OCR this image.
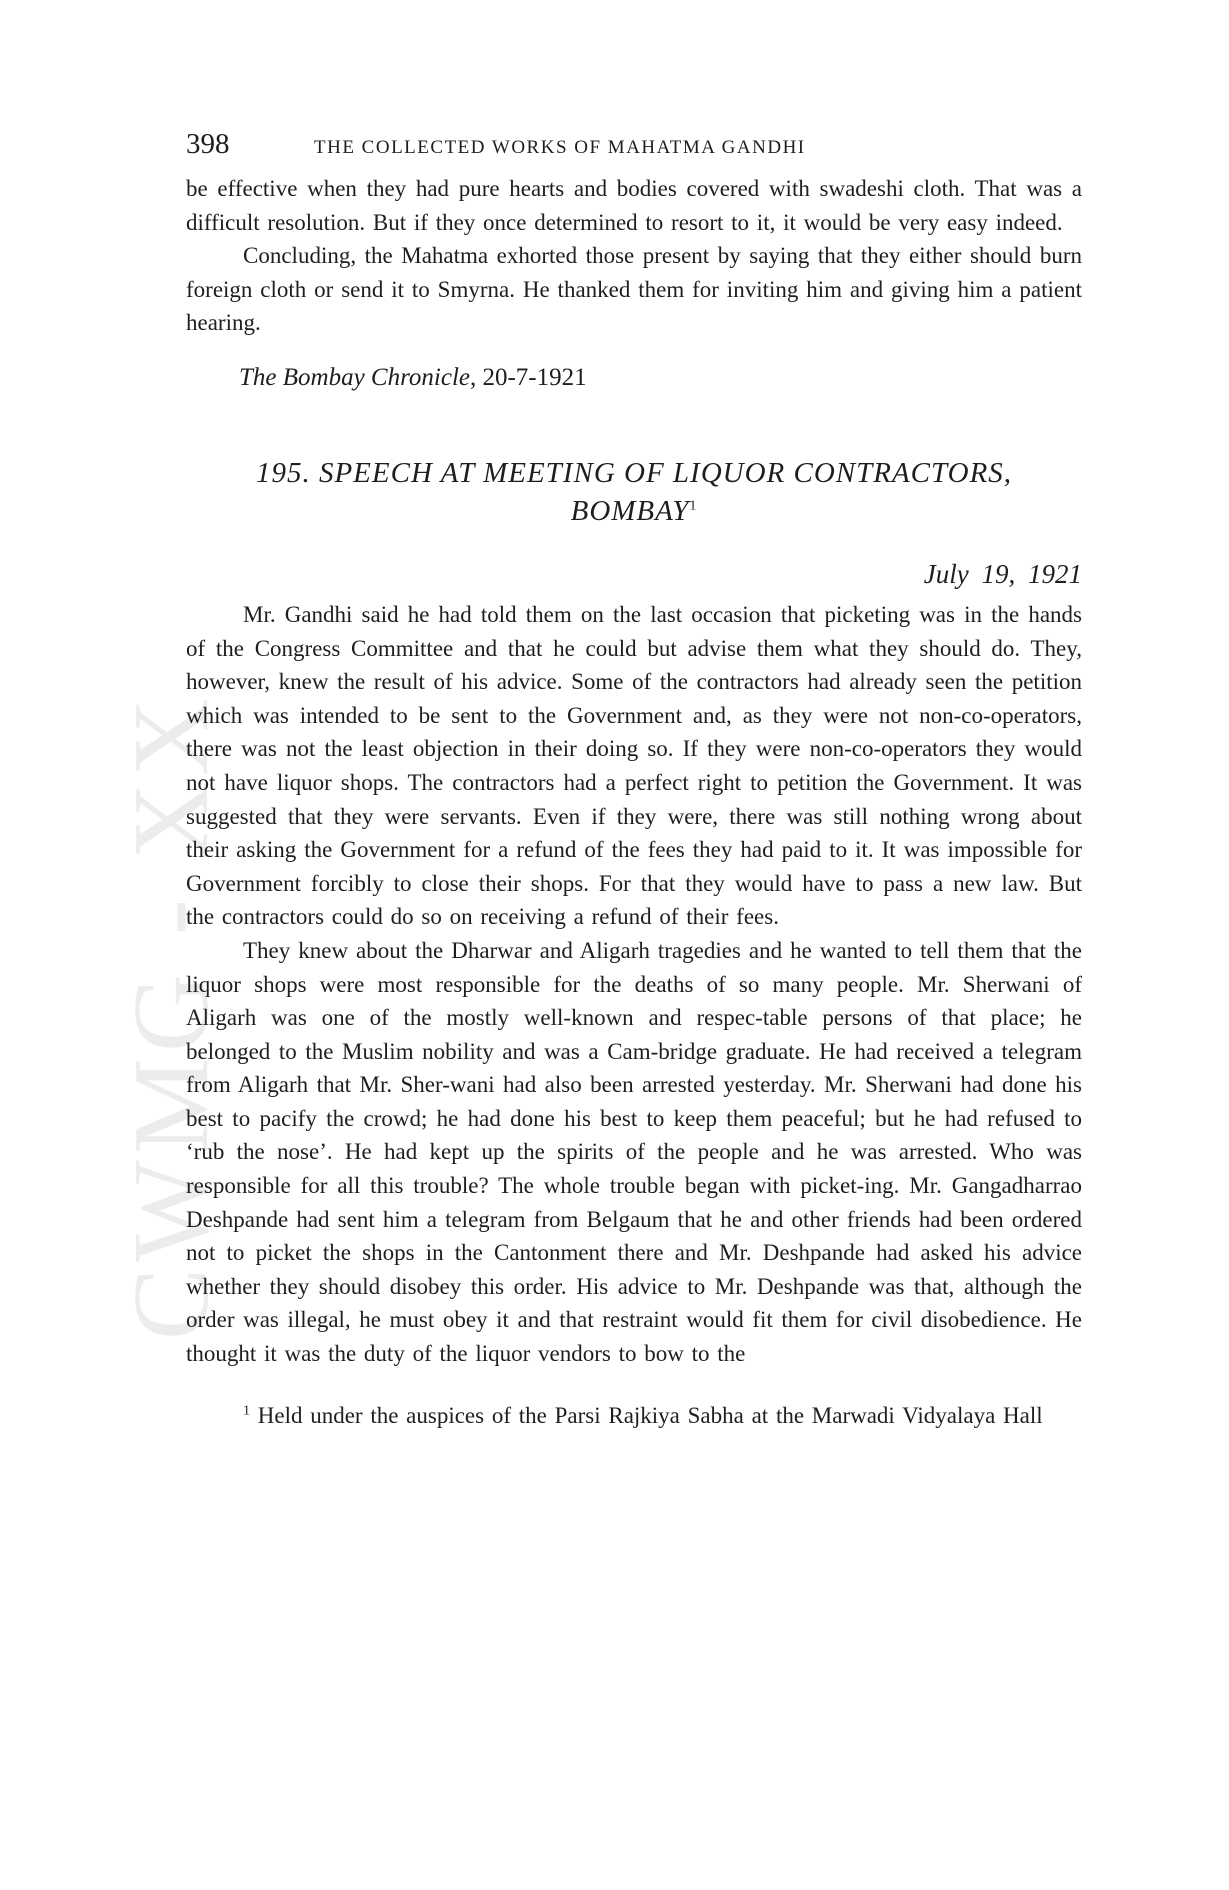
CWMG - XX
398	THE COLLECTED WORKS OF MAHATMA GANDHI

be effective when they had pure hearts and bodies covered with swadeshi cloth. That was a difficult resolution. But if they once determined to resort to it, it would be very easy indeed.

Concluding, the Mahatma exhorted those present by saying that they either should burn foreign cloth or send it to Smyrna. He thanked them for inviting him and giving him a patient hearing.

The Bombay Chronicle, 20-7-1921
195. SPEECH AT MEETING OF LIQUOR CONTRACTORS,
BOMBAY$^1$
July 19, 1921

Mr. Gandhi said he had told them on the last occasion that picketing was in the hands of the Congress Committee and that he could but advise them what they should do. They, however, knew the result of his advice. Some of the contractors had already seen the petition which was intended to be sent to the Government and, as they were not non-co-operators, there was not the least objection in their doing so. If they were non-co-operators they would not have liquor shops. The contractors had a perfect right to petition the Government. It was suggested that they were servants. Even if they were, there was still nothing wrong about their asking the Government for a refund of the fees they had paid to it. It was impossible for Government forcibly to close their shops. For that they would have to pass a new law. But the contractors could do so on receiving a refund of their fees.

They knew about the Dharwar and Aligarh tragedies and he wanted to tell them that the liquor shops were most responsible for the deaths of so many people. Mr. Sherwani of Aligarh was one of the mostly well-known and respec-table persons of that place; he belonged to the Muslim nobility and was a Cam-bridge graduate. He had received a telegram from Aligarh that Mr. Sher-wani had also been arrested yesterday. Mr. Sherwani had done his best to pacify the crowd; he had done his best to keep them peaceful; but he had refused to ‘rub the nose’. He had kept up the spirits of the people and he was arrested. Who was responsible for all this trouble? The whole trouble began with picket-ing. Mr. Gangadharrao Deshpande had sent him a telegram from Belgaum that he and other friends had been ordered not to picket the shops in the Cantonment there and Mr. Deshpande had asked his advice whether they should disobey this order. His advice to Mr. Deshpande was that, although the order was illegal, he must obey it and that restraint would fit them for civil disobedience. He thought it was the duty of the liquor vendors to bow to the

$^1$ Held under the auspices of the Parsi Rajkiya Sabha at the Marwadi Vidyalaya Hall
